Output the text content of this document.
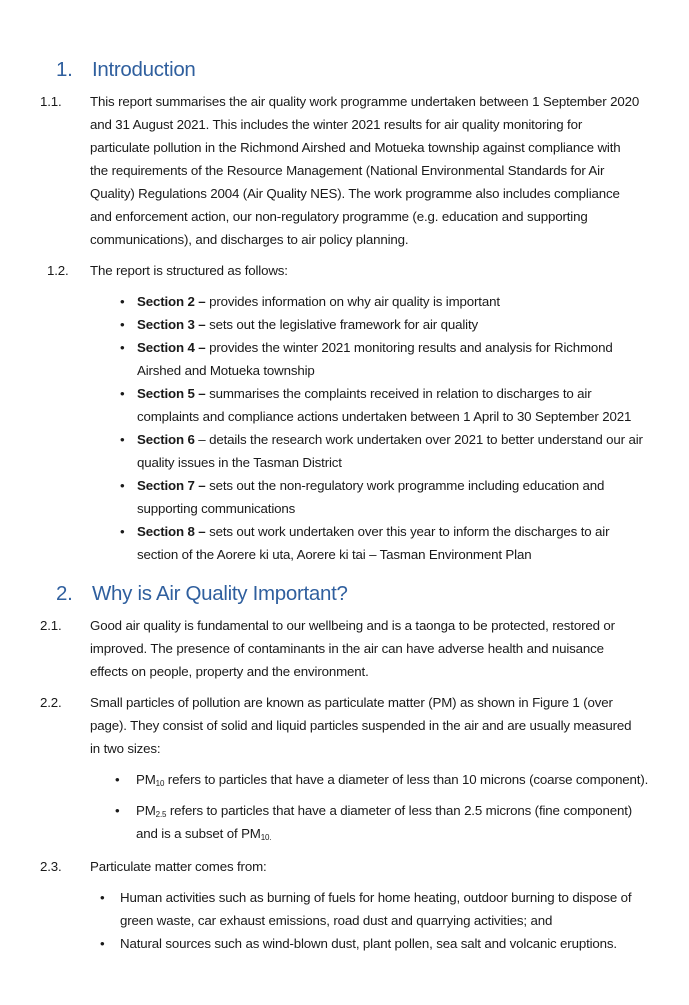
1. Introduction
1.1.	This report summarises the air quality work programme undertaken between 1 September 2020 and 31 August 2021. This includes the winter 2021 results for air quality monitoring for particulate pollution in the Richmond Airshed and Motueka township against compliance with the requirements of the Resource Management (National Environmental Standards for Air Quality) Regulations 2004 (Air Quality NES). The work programme also includes compliance and enforcement action, our non-regulatory programme (e.g. education and supporting communications), and discharges to air policy planning.
1.2.	The report is structured as follows:
• Section 2 – provides information on why air quality is important
• Section 3 – sets out the legislative framework for air quality
• Section 4 – provides the winter 2021 monitoring results and analysis for Richmond Airshed and Motueka township
• Section 5 – summarises the complaints received in relation to discharges to air complaints and compliance actions undertaken between 1 April to 30 September 2021
• Section 6 – details the research work undertaken over 2021 to better understand our air quality issues in the Tasman District
• Section 7 – sets out the non-regulatory work programme including education and supporting communications
• Section 8 – sets out work undertaken over this year to inform the discharges to air section of the Aorere ki uta, Aorere ki tai – Tasman Environment Plan
2. Why is Air Quality Important?
2.1.	Good air quality is fundamental to our wellbeing and is a taonga to be protected, restored or improved. The presence of contaminants in the air can have adverse health and nuisance effects on people, property and the environment.
2.2.	Small particles of pollution are known as particulate matter (PM) as shown in Figure 1 (over page). They consist of solid and liquid particles suspended in the air and are usually measured in two sizes:
• $PM_{10}$ refers to particles that have a diameter of less than 10 microns (coarse component).
• $PM_{2.5}$ refers to particles that have a diameter of less than 2.5 microns (fine component) and is a subset of $PM_{10.}$
2.3.	Particulate matter comes from:
• Human activities such as burning of fuels for home heating, outdoor burning to dispose of green waste, car exhaust emissions, road dust and quarrying activities; and
• Natural sources such as wind-blown dust, plant pollen, sea salt and volcanic eruptions.
